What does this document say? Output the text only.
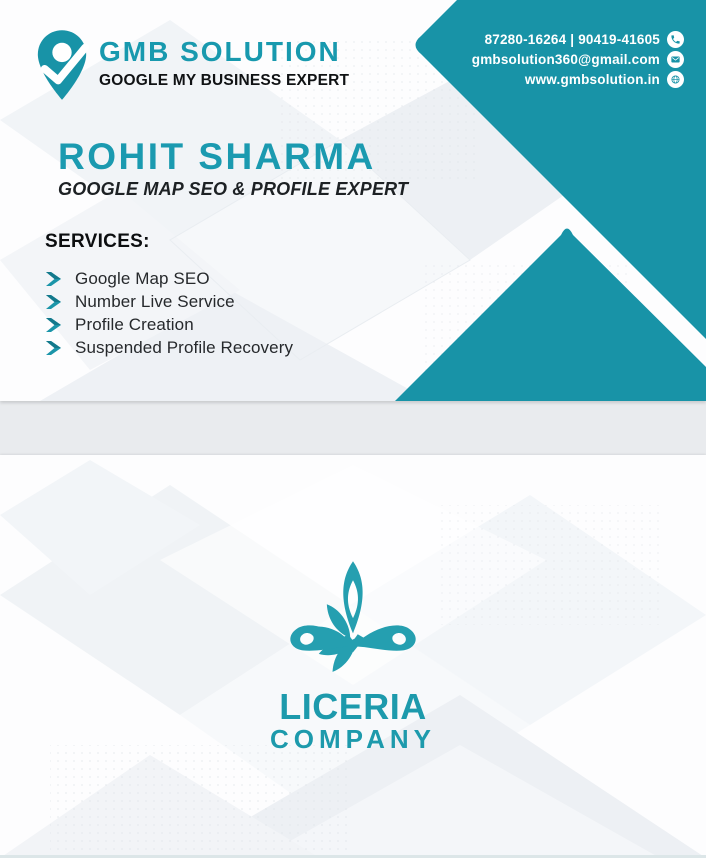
GMB SOLUTION
GOOGLE MY BUSINESS EXPERT
87280-16264 | 90419-41605
gmbsolution360@gmail.com
www.gmbsolution.in
ROHIT SHARMA
GOOGLE MAP SEO & PROFILE EXPERT
SERVICES:
Google Map SEO
Number Live Service
Profile Creation
Suspended Profile Recovery
LICERIA
COMPANY
